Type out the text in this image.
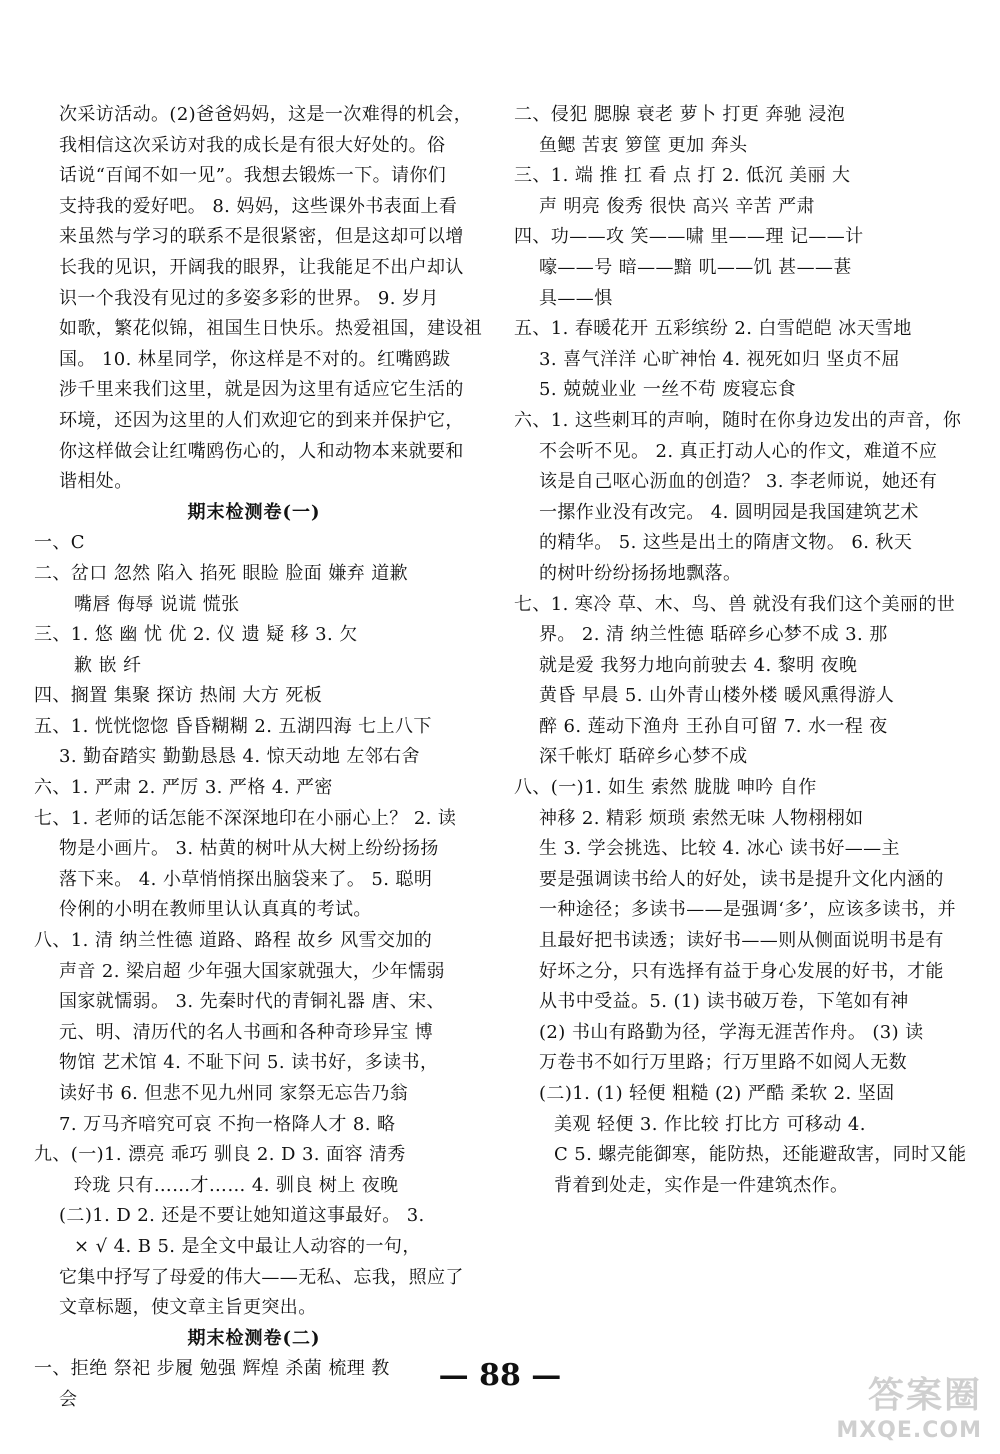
次采访活动。(2)爸爸妈妈，这是一次难得的机会，
我相信这次采访对我的成长是有很大好处的。俗
话说“百闻不如一见”。我想去锻炼一下。请你们
支持我的爱好吧。 8. 妈妈，这些课外书表面上看
来虽然与学习的联系不是很紧密，但是这却可以增
长我的见识，开阔我的眼界，让我能足不出户却认
识一个我没有见过的多姿多彩的世界。 9. 岁月
如歌，繁花似锦，祖国生日快乐。热爱祖国，建设祖
国。 10. 林星同学，你这样是不对的。红嘴鸥跋
涉千里来我们这里，就是因为这里有适应它生活的
环境，还因为这里的人们欢迎它的到来并保护它，
你这样做会让红嘴鸥伤心的，人和动物本来就要和
谐相处。
期末检测卷(一)
一、C
二、岔口 忽然 陷入 掐死 眼睑 脸面 嫌弃 道歉
嘴唇 侮辱 说谎 慌张
三、1. 悠 幽 忧 优 2. 仪 遗 疑 移 3. 欠
歉 嵌 纤
四、搁置 集聚 探访 热闹 大方 死板
五、1. 恍恍惚惚 昏昏糊糊 2. 五湖四海 七上八下
3. 勤奋踏实 勤勤恳恳 4. 惊天动地 左邻右舍
六、1. 严肃 2. 严厉 3. 严格 4. 严密
七、1. 老师的话怎能不深深地印在小丽心上？ 2. 读
物是小画片。 3. 枯黄的树叶从大树上纷纷扬扬
落下来。 4. 小草悄悄探出脑袋来了。 5. 聪明
伶俐的小明在教师里认认真真的考试。
八、1. 清 纳兰性德 道路、路程 故乡 风雪交加的
声音 2. 梁启超 少年强大国家就强大，少年懦弱
国家就懦弱。 3. 先秦时代的青铜礼器 唐、宋、
元、明、清历代的名人书画和各种奇珍异宝 博
物馆 艺术馆 4. 不耻下问 5. 读书好，多读书，
读好书 6. 但悲不见九州同 家祭无忘告乃翁
7. 万马齐喑究可哀 不拘一格降人才 8. 略
九、(一)1. 漂亮 乖巧 驯良 2. D 3. 面容 清秀
玲珑 只有……才…… 4. 驯良 树上 夜晚
(二)1. D 2. 还是不要让她知道这事最好。 3.
× √ 4. B 5. 是全文中最让人动容的一句，
它集中抒写了母爱的伟大——无私、忘我，照应了
文章标题，使文章主旨更突出。
期末检测卷(二)
一、拒绝 祭祀 步履 勉强 辉煌 杀菌 梳理 教
会
二、侵犯 腮腺 衰老 萝卜 打更 奔驰 浸泡
鱼鳃 苦衷 箩筐 更加 奔头
三、1. 端 推 扛 看 点 打 2. 低沉 美丽 大
声 明亮 俊秀 很快 高兴 辛苦 严肃
四、功——攻 笑——啸 里——理 记——计
嚎——号 暗——黯 叽——饥 甚——葚
具——惧
五、1. 春暖花开 五彩缤纷 2. 白雪皑皑 冰天雪地
3. 喜气洋洋 心旷神怡 4. 视死如归 坚贞不屈
5. 兢兢业业 一丝不苟 废寝忘食
六、1. 这些刺耳的声响，随时在你身边发出的声音，你
不会听不见。 2. 真正打动人心的作文，难道不应
该是自己呕心沥血的创造？ 3. 李老师说，她还有
一摞作业没有改完。 4. 圆明园是我国建筑艺术
的精华。 5. 这些是出土的隋唐文物。 6. 秋天
的树叶纷纷扬扬地飘落。
七、1. 寒冷 草、木、鸟、兽 就没有我们这个美丽的世
界。 2. 清 纳兰性德 聒碎乡心梦不成 3. 那
就是爱 我努力地向前驶去 4. 黎明 夜晚
黄昏 早晨 5. 山外青山楼外楼 暖风熏得游人
醉 6. 莲动下渔舟 王孙自可留 7. 水一程 夜
深千帐灯 聒碎乡心梦不成
八、(一)1. 如生 索然 胧胧 呻吟 自作
神移 2. 精彩 烦琐 索然无味 人物栩栩如
生 3. 学会挑选、比较 4. 冰心 读书好——主
要是强调读书给人的好处，读书是提升文化内涵的
一种途径；多读书——是强调‘多’，应该多读书，并
且最好把书读透；读好书——则从侧面说明书是有
好坏之分，只有选择有益于身心发展的好书，才能
从书中受益。5. (1) 读书破万卷，下笔如有神
(2) 书山有路勤为径，学海无涯苦作舟。 (3) 读
万卷书不如行万里路；行万里路不如阅人无数
(二)1. (1) 轻便 粗糙 (2) 严酷 柔软 2. 坚固
美观 轻便 3. 作比较 打比方 可移动 4.
C 5. 螺壳能御寒，能防热，还能避敌害，同时又能
背着到处走，实作是一件建筑杰作。
— 88 —	答案圈
MXQE.COM
